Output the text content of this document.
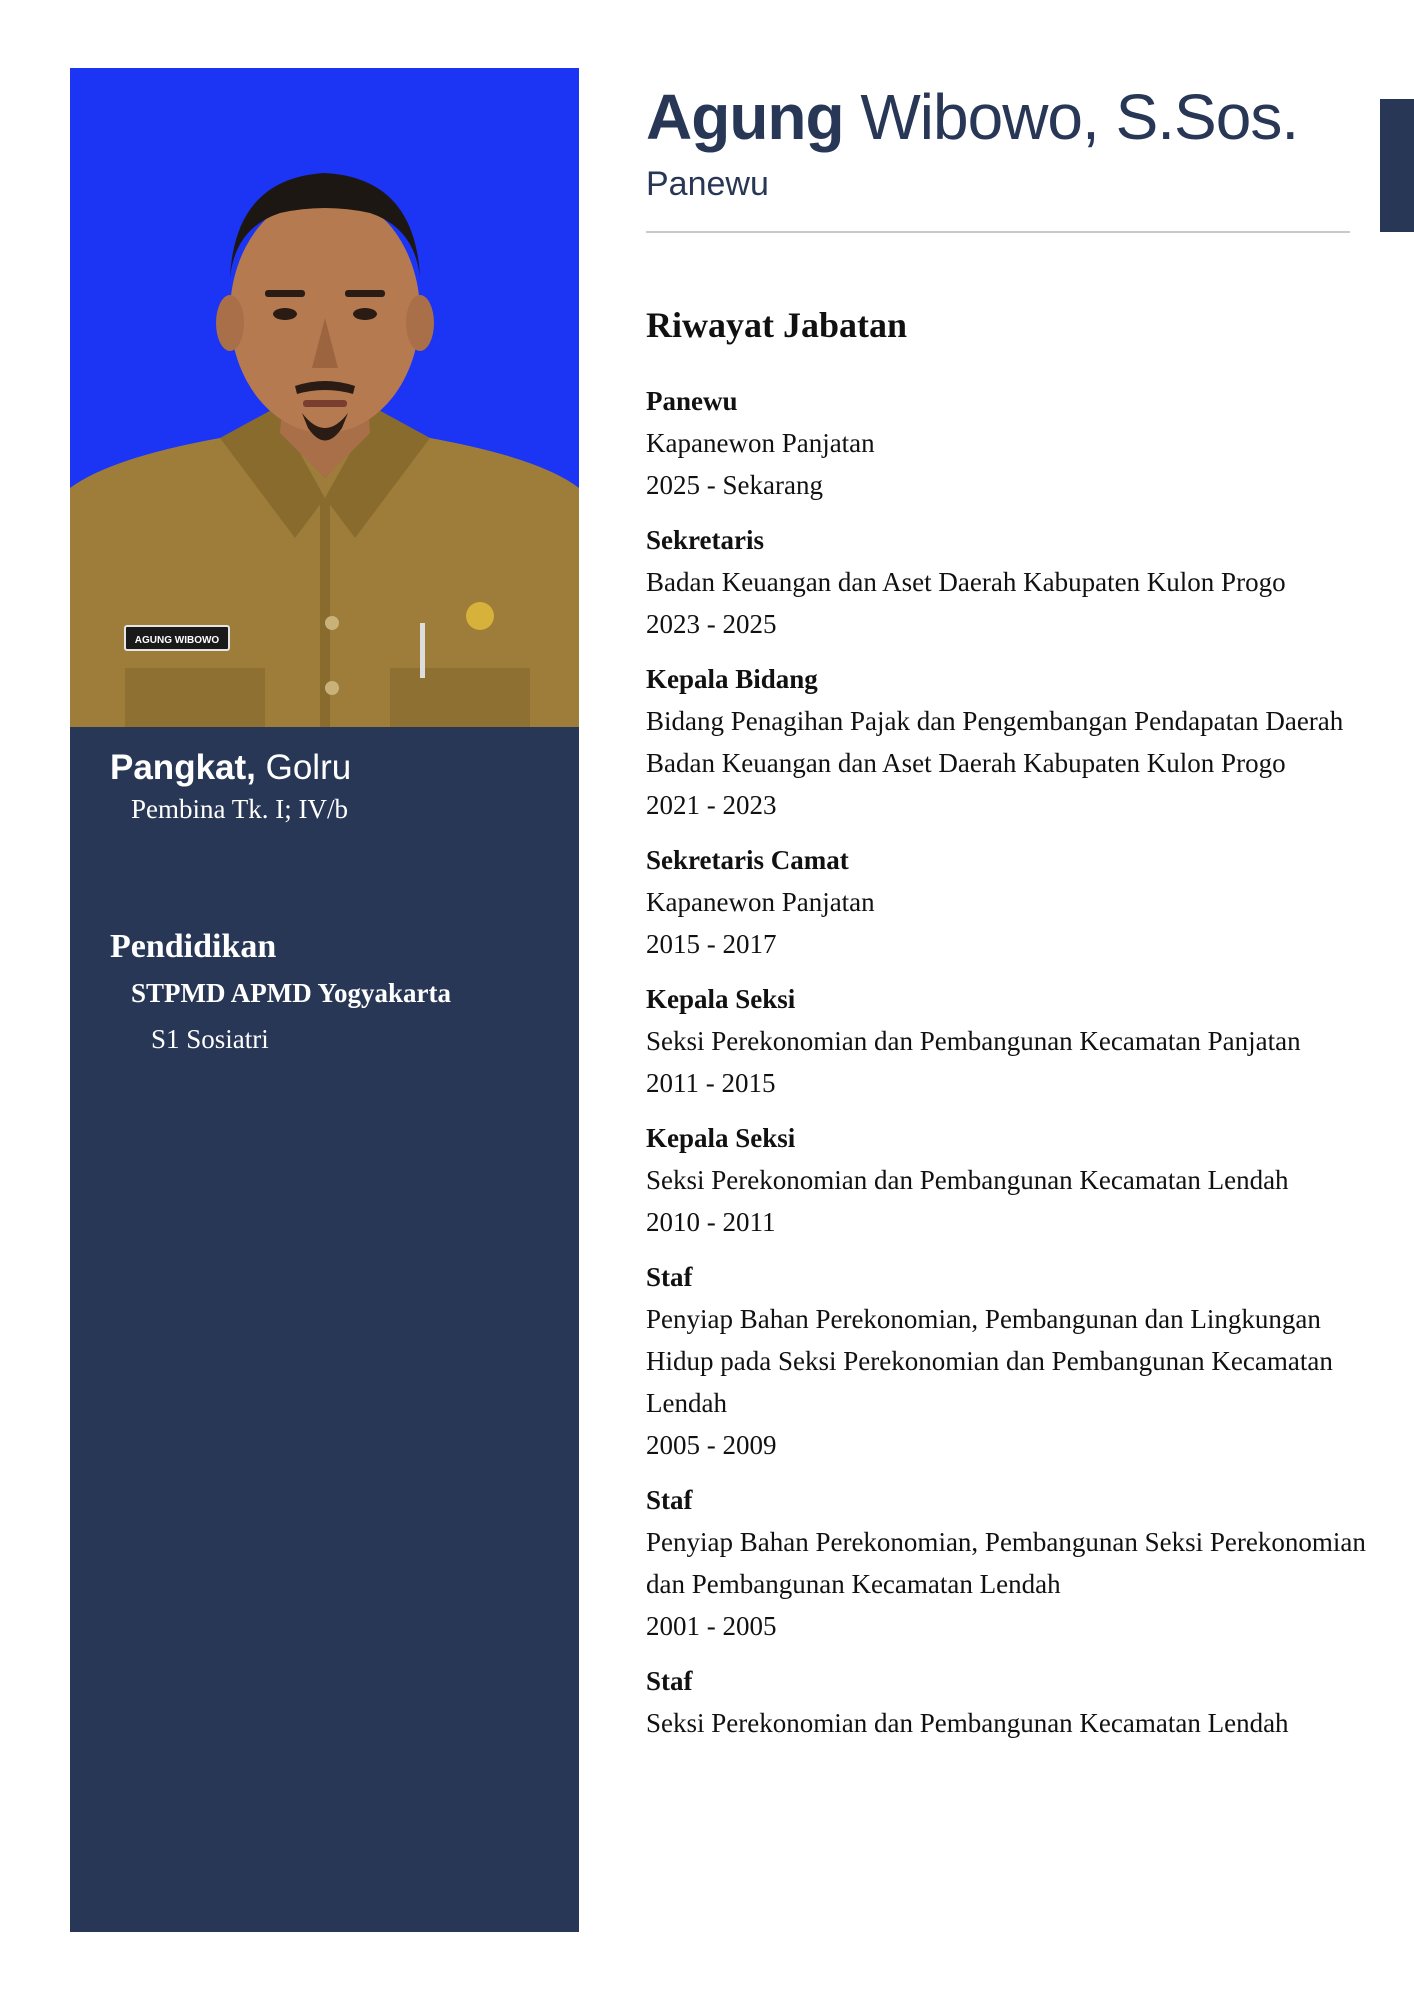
AGUNG WIBOWO
Pangkat, Golru
Pembina Tk. I; IV/b
Pendidikan
STPMD APMD Yogyakarta
S1 Sosiatri
Agung Wibowo, S.Sos.
Panewu
Riwayat Jabatan
Panewu
Kapanewon Panjatan
2025 - Sekarang
Sekretaris
Badan Keuangan dan Aset Daerah Kabupaten Kulon Progo
2023 - 2025
Kepala Bidang
Bidang Penagihan Pajak dan Pengembangan Pendapatan Daerah Badan Keuangan dan Aset Daerah Kabupaten Kulon Progo
2021 - 2023
Sekretaris Camat
Kapanewon Panjatan
2015 - 2017
Kepala Seksi
Seksi Perekonomian dan Pembangunan Kecamatan Panjatan
2011 - 2015
Kepala Seksi
Seksi Perekonomian dan Pembangunan Kecamatan Lendah
2010 - 2011
Staf
Penyiap Bahan Perekonomian, Pembangunan dan Lingkungan Hidup pada Seksi Perekonomian dan Pembangunan Kecamatan Lendah
2005 - 2009
Staf
Penyiap Bahan Perekonomian, Pembangunan Seksi Perekonomian dan Pembangunan Kecamatan Lendah
2001 - 2005
Staf
Seksi Perekonomian dan Pembangunan Kecamatan Lendah
